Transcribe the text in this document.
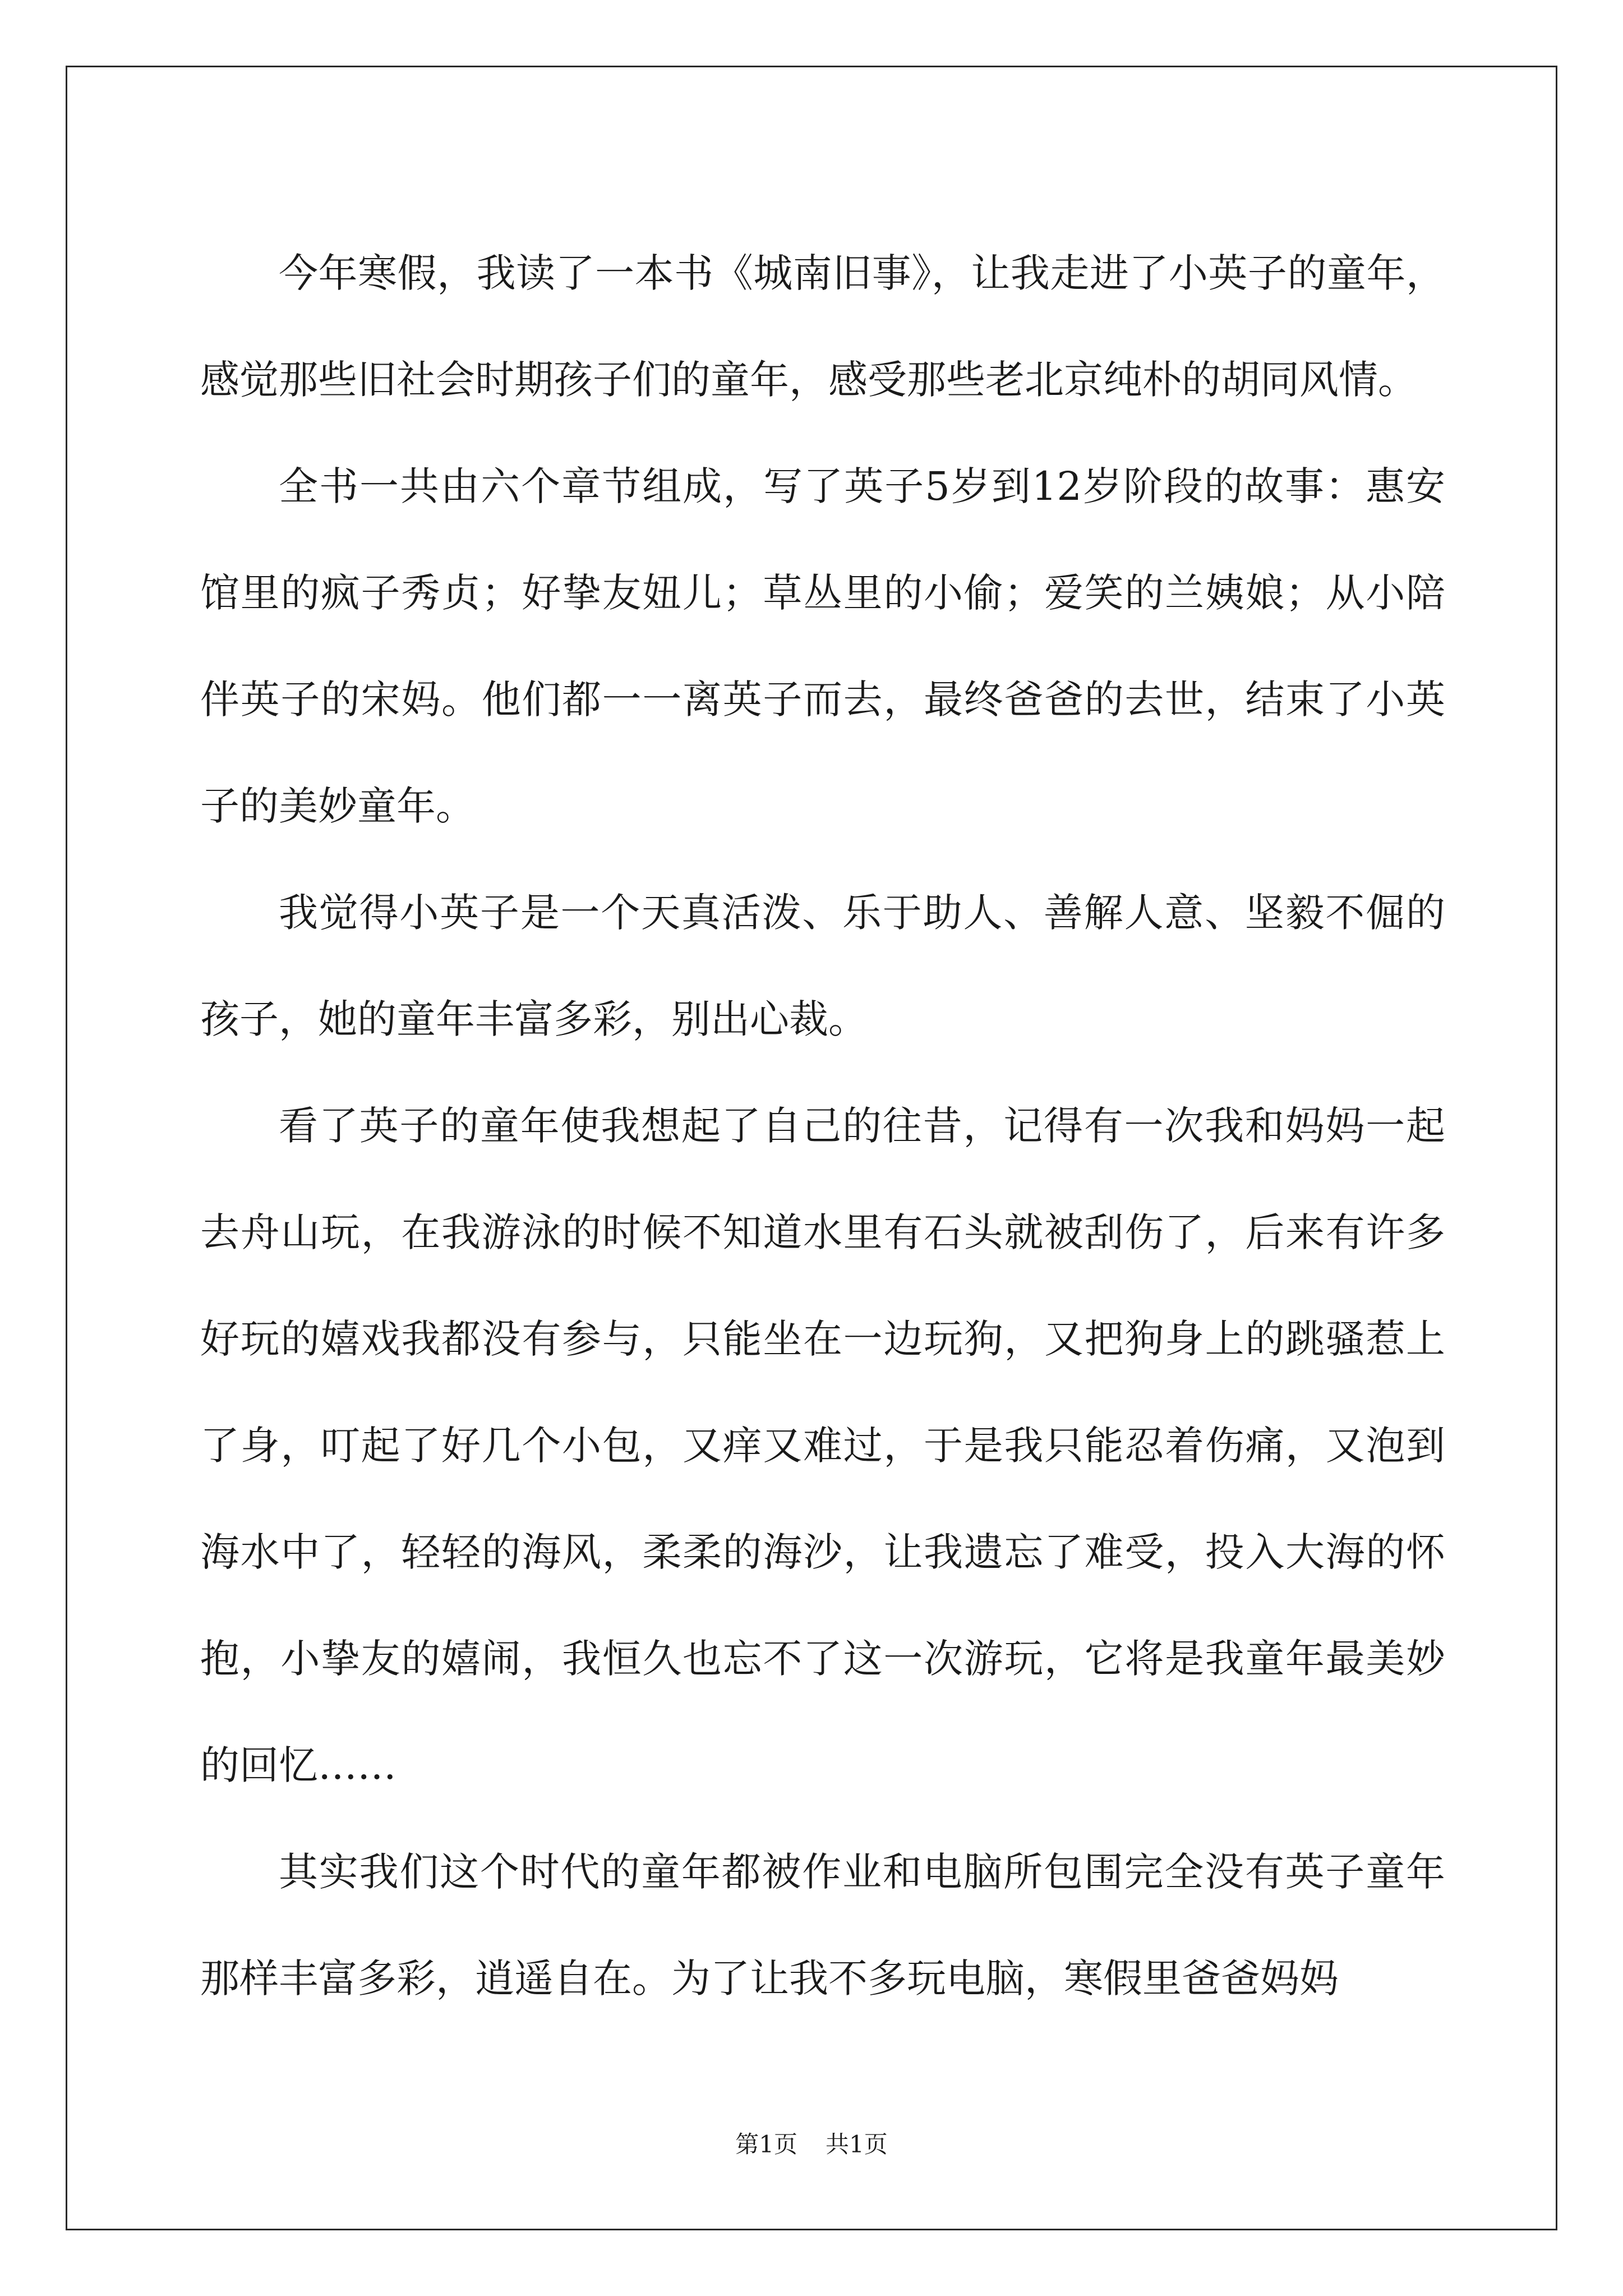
今年寒假，我读了一本书《城南旧事》，让我走进了小英子的童年，感觉那些旧社会时期孩子们的童年，感受那些老北京纯朴的胡同风情。

全书一共由六个章节组成，写了英子5岁到12岁阶段的故事：惠安馆里的疯子秀贞；好挚友妞儿；草丛里的小偷；爱笑的兰姨娘；从小陪伴英子的宋妈。他们都一一离英子而去，最终爸爸的去世，结束了小英子的美妙童年。

我觉得小英子是一个天真活泼、乐于助人、善解人意、坚毅不倔的孩子，她的童年丰富多彩，别出心裁。

看了英子的童年使我想起了自己的往昔，记得有一次我和妈妈一起去舟山玩，在我游泳的时候不知道水里有石头就被刮伤了，后来有许多好玩的嬉戏我都没有参与，只能坐在一边玩狗，又把狗身上的跳骚惹上了身，叮起了好几个小包，又痒又难过，于是我只能忍着伤痛，又泡到海水中了，轻轻的海风，柔柔的海沙，让我遗忘了难受，投入大海的怀抱，小挚友的嬉闹，我恒久也忘不了这一次游玩，它将是我童年最美妙的回忆……

其实我们这个时代的童年都被作业和电脑所包围完全没有英子童年那样丰富多彩，逍遥自在。为了让我不多玩电脑，寒假里爸爸妈妈

第1页 共1页
